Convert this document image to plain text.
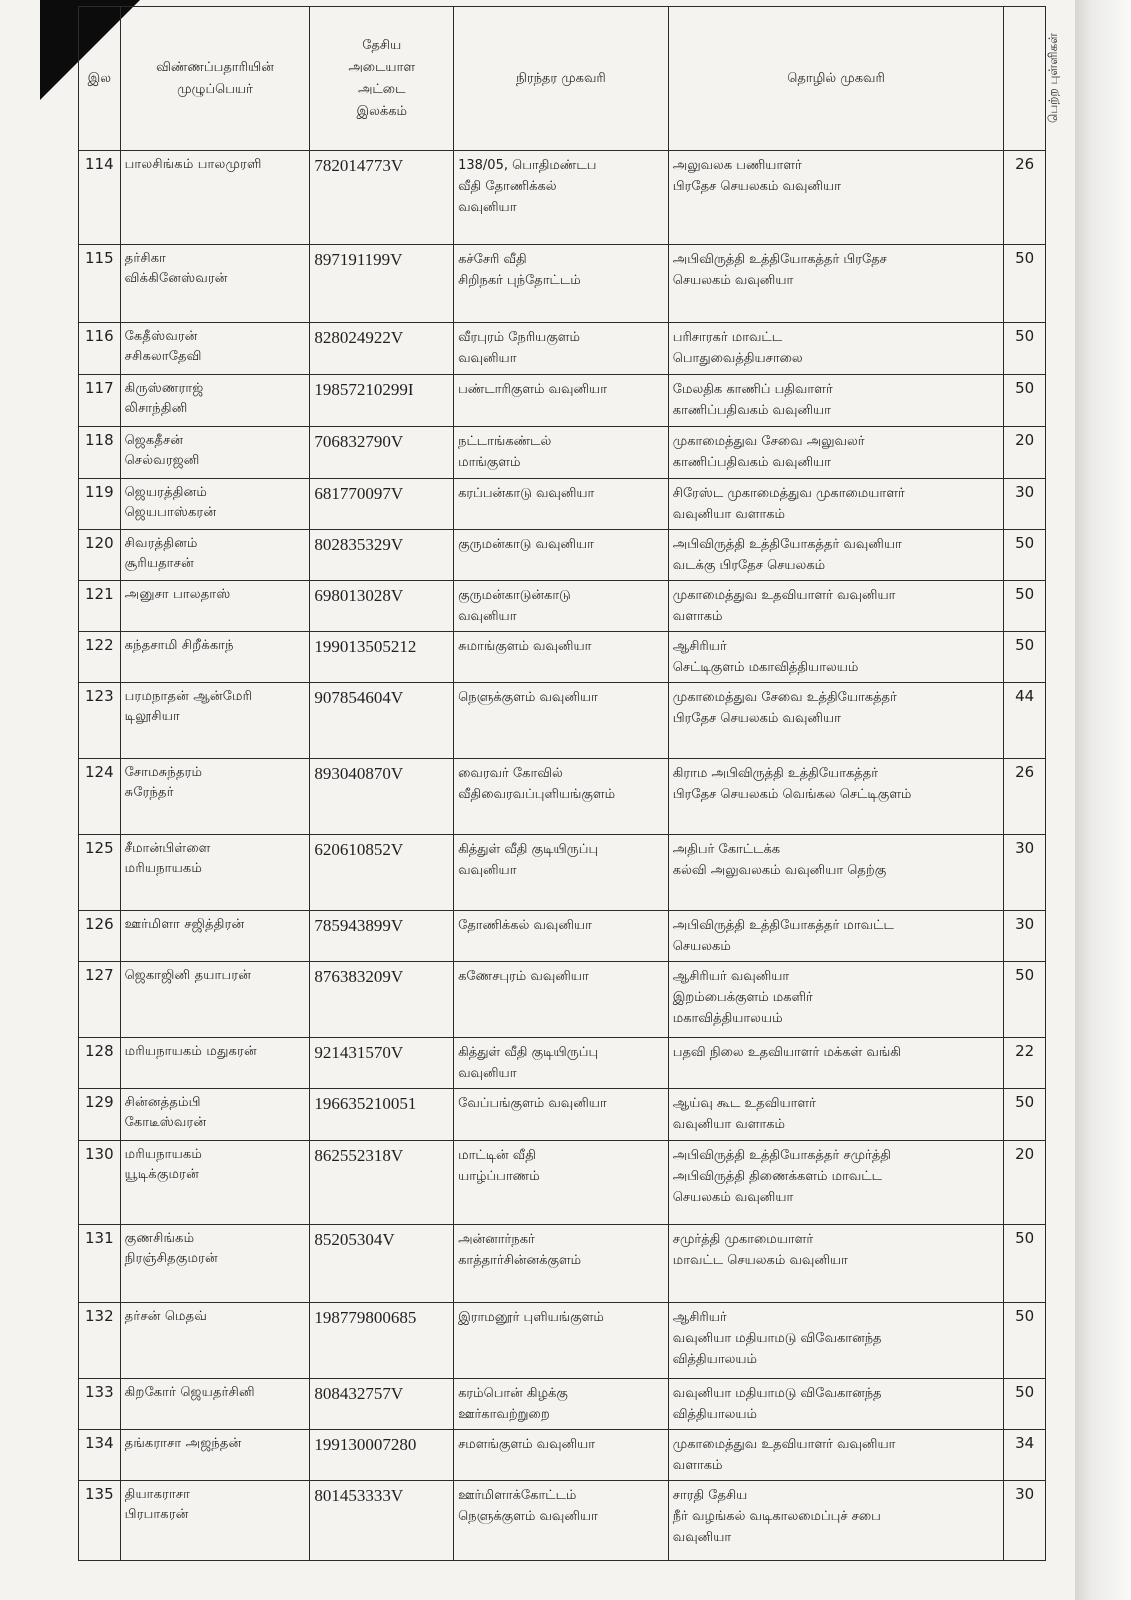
இல	விண்ணப்பதாரியின்
முழுப்பெயர்	தேசிய
அடையாள
அட்டை
இலக்கம்	நிரந்தர முகவரி	தொழில் முகவரி	பெற்ற புள்ளிகள்

114	பாலசிங்கம் பாலமுரளி	782014773V	138/05, பொதிமண்டப
வீதி தோணிக்கல்
வவுனியா	அலுவலக பணியாளர்
பிரதேச செயலகம் வவுனியா	26

115	தர்சிகா
விக்கினேஸ்வரன்	897191199V	கச்சேரி வீதி
சிறிநகர் புந்தோட்டம்	அபிவிருத்தி உத்தியோகத்தர் பிரதேச
செயலகம் வவுனியா	50

116	கேதீஸ்வரன்
சசிகலாதேவி	828024922V	வீரபுரம் நேரியகுளம்
வவுனியா	பரிசாரகர் மாவட்ட
பொதுவைத்தியசாலை	50

117	கிருஸ்ணராஜ்
லிசாந்தினி	19857210299I	பண்டாரிகுளம் வவுனியா	மேலதிக காணிப் பதிவாளர்
காணிப்பதிவகம் வவுனியா	50

118	ஜெகதீசன்
செல்வரஜனி	706832790V	நட்டாங்கண்டல்
மாங்குளம்	முகாமைத்துவ சேவை அலுவலர்
காணிப்பதிவகம் வவுனியா	20

119	ஜெயரத்தினம்
ஜெயபாஸ்கரன்	681770097V	கரப்பன்காடு வவுனியா	சிரேஸ்ட முகாமைத்துவ முகாமையாளர்
வவுனியா வளாகம்	30

120	சிவரத்தினம்
சூரியதாசன்	802835329V	குருமன்காடு வவுனியா	அபிவிருத்தி உத்தியோகத்தர் வவுனியா
வடக்கு பிரதேச செயலகம்	50

121	அனுசா பாலதாஸ்	698013028V	குருமன்காடுன்காடு
வவுனியா	முகாமைத்துவ உதவியாளர் வவுனியா
வளாகம்	50

122	கந்தசாமி சிறீக்காந்	199013505212	சுமாங்குளம் வவுனியா	ஆசிரியர்
செட்டிகுளம் மகாவித்தியாலயம்	50

123	பரமநாதன் ஆன்மேரி
டிலூசியா	907854604V	நெளுக்குளம் வவுனியா	முகாமைத்துவ சேவை உத்தியோகத்தர்
பிரதேச செயலகம் வவுனியா	44

124	சோமசுந்தரம்
சுரேந்தர்	893040870V	வைரவர் கோவில்
வீதிவைரவப்புளியங்குளம்	கிராம அபிவிருத்தி உத்தியோகத்தர்
பிரதேச செயலகம் வெங்கல செட்டிகுளம்	26

125	சீமான்பிள்ளை
மரியநாயகம்	620610852V	கித்துள் வீதி குடியிருப்பு
வவுனியா	அதிபர் கோட்டக்க
கல்வி அலுவலகம் வவுனியா தெற்கு	30

126	ஊர்மிளா சஜித்திரன்	785943899V	தோணிக்கல் வவுனியா	அபிவிருத்தி உத்தியோகத்தர் மாவட்ட
செயலகம்	30

127	ஜெகாஜினி தயாபரன்	876383209V	கணேசபுரம் வவுனியா	ஆசிரியர் வவுனியா
இறம்பைக்குளம் மகளிர்
மகாவித்தியாலயம்	50

128	மரியநாயகம் மதுகரன்	921431570V	கித்துள் வீதி குடியிருப்பு
வவுனியா	பதவி நிலை உதவியாளர் மக்கள் வங்கி	22

129	சின்னத்தம்பி
கோடீஸ்வரன்	196635210051	வேப்பங்குளம் வவுனியா	ஆய்வு கூட உதவியாளர்
வவுனியா வளாகம்	50

130	மரியநாயகம்
யூடிக்குமரன்	862552318V	மாட்டின் வீதி
யாழ்ப்பாணம்	அபிவிருத்தி உத்தியோகத்தர் சமுர்த்தி
அபிவிருத்தி திணைக்களம் மாவட்ட
செயலகம் வவுனியா	20

131	குணசிங்கம்
நிரஞ்சிதகுமரன்	85205304V	அன்னார்நகர்
காத்தார்சின்னக்குளம்	சமுர்த்தி முகாமையாளர்
மாவட்ட செயலகம் வவுனியா	50

132	தர்சன் மெதவ்	198779800685	இராமனூர் புளியங்குளம்	ஆசிரியர்
வவுனியா மதியாமடு விவேகானந்த
வித்தியாலயம்	50

133	கிறகோர் ஜெயதர்சினி	808432757V	கரம்பொன் கிழக்கு
ஊர்காவற்றுறை	வவுனியா மதியாமடு விவேகானந்த
வித்தியாலயம்	50

134	தங்கராசா அஜந்தன்	199130007280	சமளங்குளம் வவுனியா	முகாமைத்துவ உதவியாளர் வவுனியா
வளாகம்	34

135	தியாகராசா
பிரபாகரன்	801453333V	ஊர்மிளாக்கோட்டம்
நெளுக்குளம் வவுனியா	சாரதி தேசிய
நீர் வழங்கல் வடிகாலமைப்புச் சபை
வவுனியா	30
